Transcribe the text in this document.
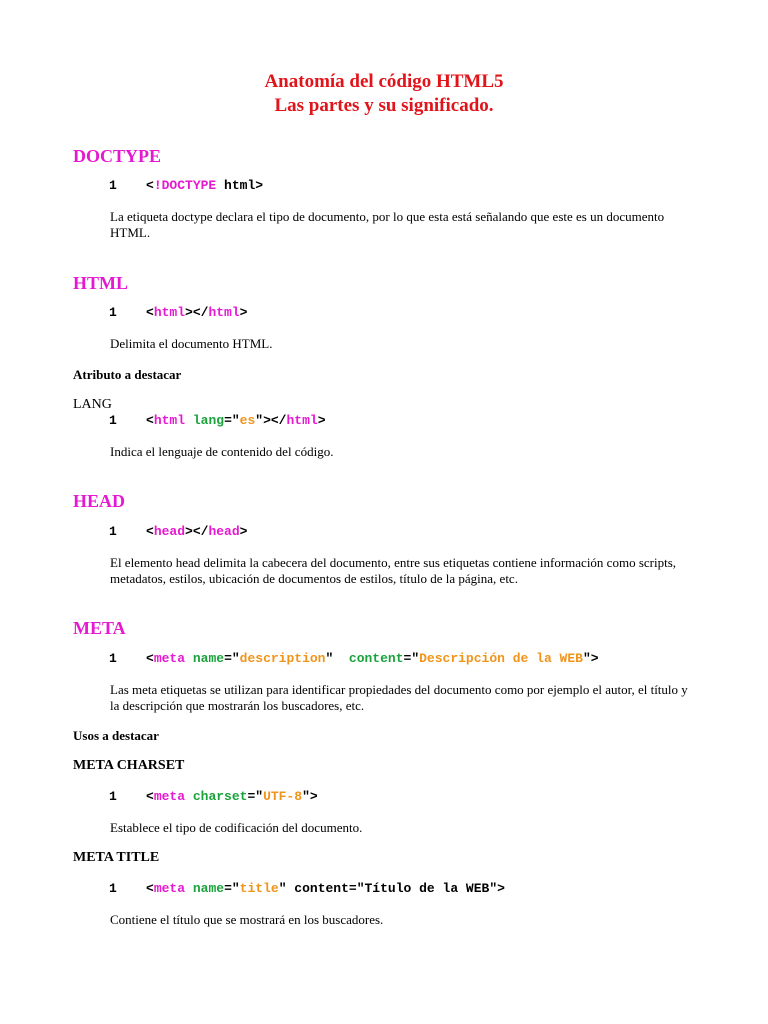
Anatomía del código HTML5
Las partes y su significado.
DOCTYPE
1 <!DOCTYPE html>
La etiqueta doctype declara el tipo de documento, por lo que esta está señalando que este es un documento HTML.
HTML
1 <html></html>
Delimita el documento HTML.
Atributo a destacar
LANG
1 <html lang="es"></html>
Indica el lenguaje de contenido del código.
HEAD
1 <head></head>
El elemento head delimita la cabecera del documento, entre sus etiquetas contiene información como scripts, metadatos, estilos, ubicación de documentos de estilos, título de la página, etc.
META
1 <meta name="description"  content="Descripción de la WEB">
Las meta etiquetas se utilizan para identificar propiedades del documento como por ejemplo el autor, el título y la descripción que mostrarán los buscadores, etc.
Usos a destacar
META CHARSET
1 <meta charset="UTF-8">
Establece el tipo de codificación del documento.
META TITLE
1 <meta name="title" content="Título de la WEB">
Contiene el título que se mostrará en los buscadores.
